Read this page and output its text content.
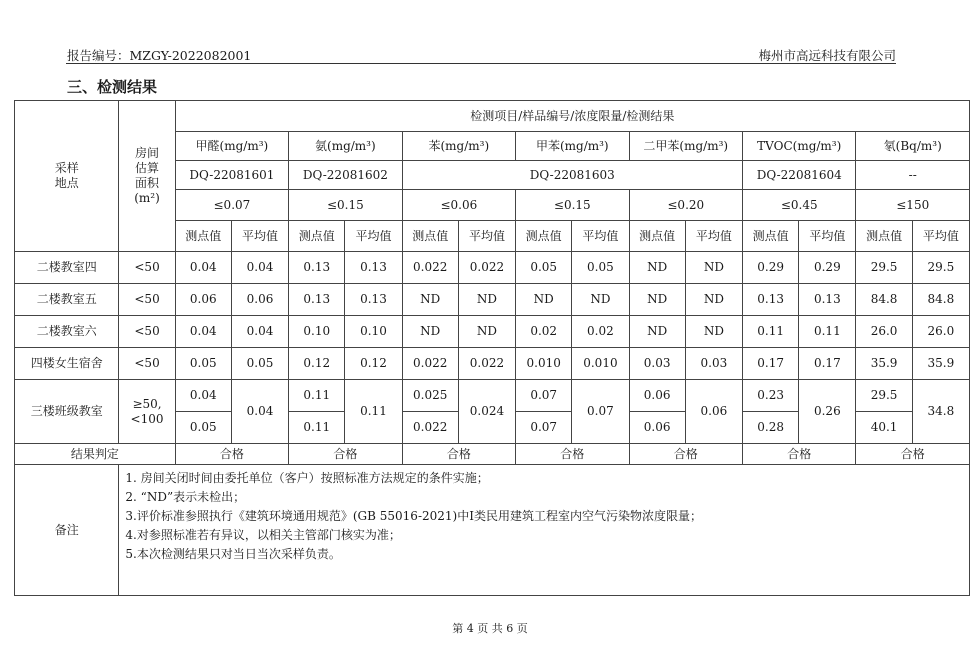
报告编号：MZGY-2022082001	梅州市高远科技有限公司
三、检测结果
采样
地点	房间
估算
面积
(m²)	检测项目/样品编号/浓度限量/检测结果													
		甲醛(mg/m³)		氨(mg/m³)		苯(mg/m³)		甲苯(mg/m³)		二甲苯(mg/m³)		TVOC(mg/m³)		氡(Bq/m³)	
		DQ-22081601		DQ-22081602		DQ-22081603						DQ-22081604		--	
		≤0.07		≤0.15		≤0.06		≤0.15		≤0.20		≤0.45		≤150	
		测点值	平均值	测点值	平均值	测点值	平均值	测点值	平均值	测点值	平均值	测点值	平均值	测点值	平均值
二楼教室四	<50	0.04	0.04	0.13	0.13	0.022	0.022	0.05	0.05	ND	ND	0.29	0.29	29.5	29.5
二楼教室五	<50	0.06	0.06	0.13	0.13	ND	ND	ND	ND	ND	ND	0.13	0.13	84.8	84.8
二楼教室六	<50	0.04	0.04	0.10	0.10	ND	ND	0.02	0.02	ND	ND	0.11	0.11	26.0	26.0
四楼女生宿舍	<50	0.05	0.05	0.12	0.12	0.022	0.022	0.010	0.010	0.03	0.03	0.17	0.17	35.9	35.9
三楼班级教室	≥50,
<100	0.04	0.04	0.11	0.11	0.025	0.024	0.07	0.07	0.06	0.06	0.23	0.26	29.5	34.8
		0.05		0.11		0.022		0.07		0.06		0.28		40.1	
结果判定		合格		合格		合格		合格		合格		合格		合格	
备注	1. 房间关闭时间由委托单位（客户）按照标准方法规定的条件实施；
2. “ND”表示未检出；
3.评价标准参照执行《建筑环境通用规范》(GB 55016-2021)中Ⅰ类民用建筑工程室内空气污染物浓度限量；
4.对参照标准若有异议，以相关主管部门核实为准；
5.本次检测结果只对当日当次采样负责。														
第 4 页 共 6 页
